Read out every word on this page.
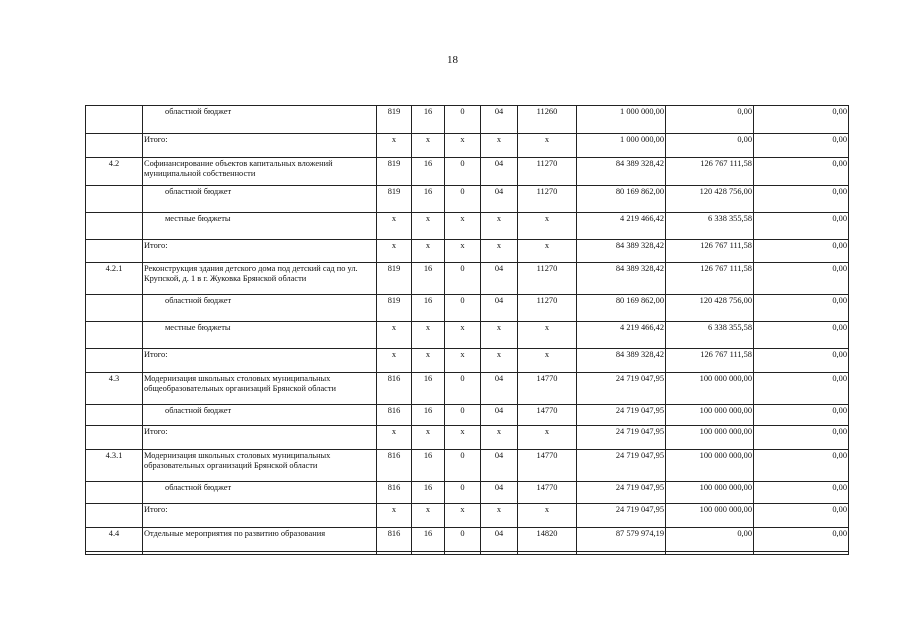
18
	областной бюджет	819	16	0	04	11260	1 000 000,00	0,00	0,00
	Итого:	x	x	x	x	x	1 000 000,00	0,00	0,00
4.2	Софинансирование объектов капитальных вложений муниципальной собственности	819	16	0	04	11270	84 389 328,42	126 767 111,58	0,00
	областной бюджет	819	16	0	04	11270	80 169 862,00	120 428 756,00	0,00
	местные бюджеты	x	x	x	x	x	4 219 466,42	6 338 355,58	0,00
	Итого:	x	x	x	x	x	84 389 328,42	126 767 111,58	0,00
4.2.1	Реконструкция здания детского дома под детский сад по ул. Крупской, д. 1 в г. Жуковка Брянской области	819	16	0	04	11270	84 389 328,42	126 767 111,58	0,00
	областной бюджет	819	16	0	04	11270	80 169 862,00	120 428 756,00	0,00
	местные бюджеты	x	x	x	x	x	4 219 466,42	6 338 355,58	0,00
	Итого:	x	x	x	x	x	84 389 328,42	126 767 111,58	0,00
4.3	Модернизация школьных столовых муниципальных общеобразовательных организаций Брянской области	816	16	0	04	14770	24 719 047,95	100 000 000,00	0,00
	областной бюджет	816	16	0	04	14770	24 719 047,95	100 000 000,00	0,00
	Итого:	x	x	x	x	x	24 719 047,95	100 000 000,00	0,00
4.3.1	Модернизация школьных столовых муниципальных образовательных организаций Брянской области	816	16	0	04	14770	24 719 047,95	100 000 000,00	0,00
	областной бюджет	816	16	0	04	14770	24 719 047,95	100 000 000,00	0,00
	Итого:	x	x	x	x	x	24 719 047,95	100 000 000,00	0,00
4.4	Отдельные мероприятия по развитию образования	816	16	0	04	14820	87 579 974,19	0,00	0,00
